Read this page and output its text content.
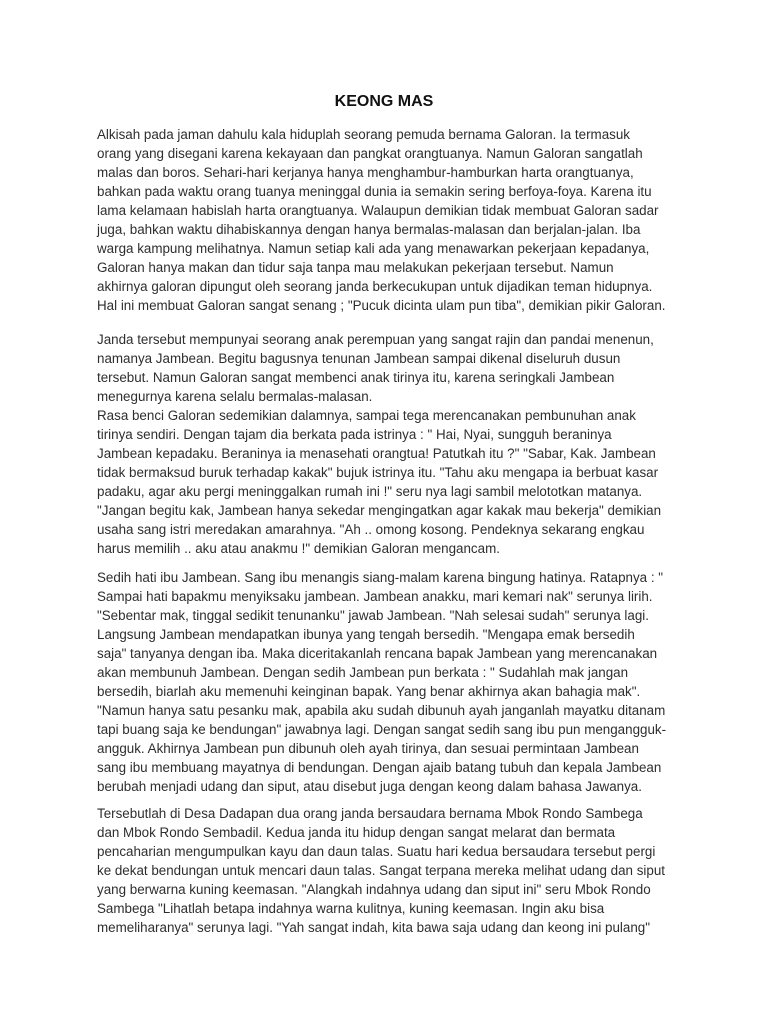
KEONG MAS
Alkisah pada jaman dahulu kala hiduplah seorang pemuda bernama Galoran. Ia termasuk
orang yang disegani karena kekayaan dan pangkat orangtuanya. Namun Galoran sangatlah
malas dan boros. Sehari-hari kerjanya hanya menghambur-hamburkan harta orangtuanya,
bahkan pada waktu orang tuanya meninggal dunia ia semakin sering berfoya-foya. Karena itu
lama kelamaan habislah harta orangtuanya. Walaupun demikian tidak membuat Galoran sadar
juga, bahkan waktu dihabiskannya dengan hanya bermalas-malasan dan berjalan-jalan. Iba
warga kampung melihatnya. Namun setiap kali ada yang menawarkan pekerjaan kepadanya,
Galoran hanya makan dan tidur saja tanpa mau melakukan pekerjaan tersebut. Namun
akhirnya galoran dipungut oleh seorang janda berkecukupan untuk dijadikan teman hidupnya.
Hal ini membuat Galoran sangat senang ; "Pucuk dicinta ulam pun tiba", demikian pikir Galoran.
Janda tersebut mempunyai seorang anak perempuan yang sangat rajin dan pandai menenun,
namanya Jambean. Begitu bagusnya tenunan Jambean sampai dikenal diseluruh dusun
tersebut. Namun Galoran sangat membenci anak tirinya itu, karena seringkali Jambean
menegurnya karena selalu bermalas-malasan.
Rasa benci Galoran sedemikian dalamnya, sampai tega merencanakan pembunuhan anak
tirinya sendiri. Dengan tajam dia berkata pada istrinya : " Hai, Nyai, sungguh beraninya
Jambean kepadaku. Beraninya ia menasehati orangtua! Patutkah itu ?" "Sabar, Kak. Jambean
tidak bermaksud buruk terhadap kakak" bujuk istrinya itu. "Tahu aku mengapa ia berbuat kasar
padaku, agar aku pergi meninggalkan rumah ini !" seru nya lagi sambil melototkan matanya.
"Jangan begitu kak, Jambean hanya sekedar mengingatkan agar kakak mau bekerja" demikian
usaha sang istri meredakan amarahnya. "Ah .. omong kosong. Pendeknya sekarang engkau
harus memilih .. aku atau anakmu !" demikian Galoran mengancam.
Sedih hati ibu Jambean. Sang ibu menangis siang-malam karena bingung hatinya. Ratapnya : "
Sampai hati bapakmu menyiksaku jambean. Jambean anakku, mari kemari nak" serunya lirih.
"Sebentar mak, tinggal sedikit tenunanku" jawab Jambean. "Nah selesai sudah" serunya lagi.
Langsung Jambean mendapatkan ibunya yang tengah bersedih. "Mengapa emak bersedih
saja" tanyanya dengan iba. Maka diceritakanlah rencana bapak Jambean yang merencanakan
akan membunuh Jambean. Dengan sedih Jambean pun berkata : " Sudahlah mak jangan
bersedih, biarlah aku memenuhi keinginan bapak. Yang benar akhirnya akan bahagia mak".
"Namun hanya satu pesanku mak, apabila aku sudah dibunuh ayah janganlah mayatku ditanam
tapi buang saja ke bendungan" jawabnya lagi. Dengan sangat sedih sang ibu pun mengangguk-
angguk. Akhirnya Jambean pun dibunuh oleh ayah tirinya, dan sesuai permintaan Jambean
sang ibu membuang mayatnya di bendungan. Dengan ajaib batang tubuh dan kepala Jambean
berubah menjadi udang dan siput, atau disebut juga dengan keong dalam bahasa Jawanya.
Tersebutlah di Desa Dadapan dua orang janda bersaudara bernama Mbok Rondo Sambega
dan Mbok Rondo Sembadil. Kedua janda itu hidup dengan sangat melarat dan bermata
pencaharian mengumpulkan kayu dan daun talas. Suatu hari kedua bersaudara tersebut pergi
ke dekat bendungan untuk mencari daun talas. Sangat terpana mereka melihat udang dan siput
yang berwarna kuning keemasan. "Alangkah indahnya udang dan siput ini" seru Mbok Rondo
Sambega "Lihatlah betapa indahnya warna kulitnya, kuning keemasan. Ingin aku bisa
memeliharanya" serunya lagi. "Yah sangat indah, kita bawa saja udang dan keong ini pulang"
